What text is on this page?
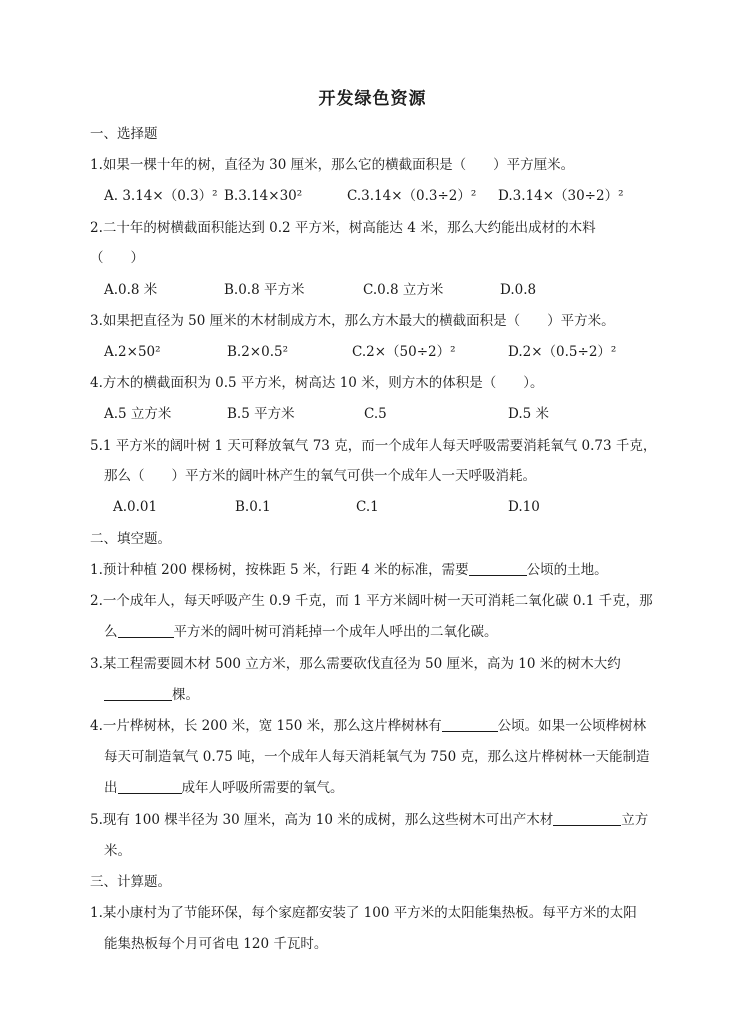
开发绿色资源
一、选择题
1.如果一棵十年的树，直径为 30 厘米，那么它的横截面积是（　　）平方厘米。
A. 3.14×（0.3）² B.3.14×30²	C.3.14×（0.3÷2）² D.3.14×（30÷2）²
2.二十年的树横截面积能达到 0.2 平方米，树高能达 4 米，那么大约能出成材的木料
（　　）
A.0.8 米	B.0.8 平方米	C.0.8 立方米	D.0.8
3.如果把直径为 50 厘米的木材制成方木，那么方木最大的横截面积是（　　）平方米。
A.2×50²	B.2×0.5²	C.2×（50÷2）²	D.2×（0.5÷2）²
4.方木的横截面积为 0.5 平方米，树高达 10 米，则方木的体积是（　　）。
A.5 立方米	B.5 平方米	C.5	D.5 米
5.1 平方米的阔叶树 1 天可释放氧气 73 克，而一个成年人每天呼吸需要消耗氧气 0.73 千克，
那么（　　）平方米的阔叶林产生的氧气可供一个成年人一天呼吸消耗。
A.0.01	B.0.1	C.1	D.10
二、填空题。
1.预计种植 200 棵杨树，按株距 5 米，行距 4 米的标准，需要	公顷的土地。
2.一个成年人，每天呼吸产生 0.9 千克，而 1 平方米阔叶树一天可消耗二氧化碳 0.1 千克，那
么	平方米的阔叶树可消耗掉一个成年人呼出的二氧化碳。
3.某工程需要圆木材 500 立方米，那么需要砍伐直径为 50 厘米，高为 10 米的树木大约
棵。
4.一片桦树林，长 200 米，宽 150 米，那么这片桦树林有	公顷。如果一公顷桦树林
每天可制造氧气 0.75 吨，一个成年人每天消耗氧气为 750 克，那么这片桦树林一天能制造
出	成年人呼吸所需要的氧气。
5.现有 100 棵半径为 30 厘米，高为 10 米的成树，那么这些树木可出产木材	立方
米。
三、计算题。
1.某小康村为了节能环保，每个家庭都安装了 100 平方米的太阳能集热板。每平方米的太阳
能集热板每个月可省电 120 千瓦时。
